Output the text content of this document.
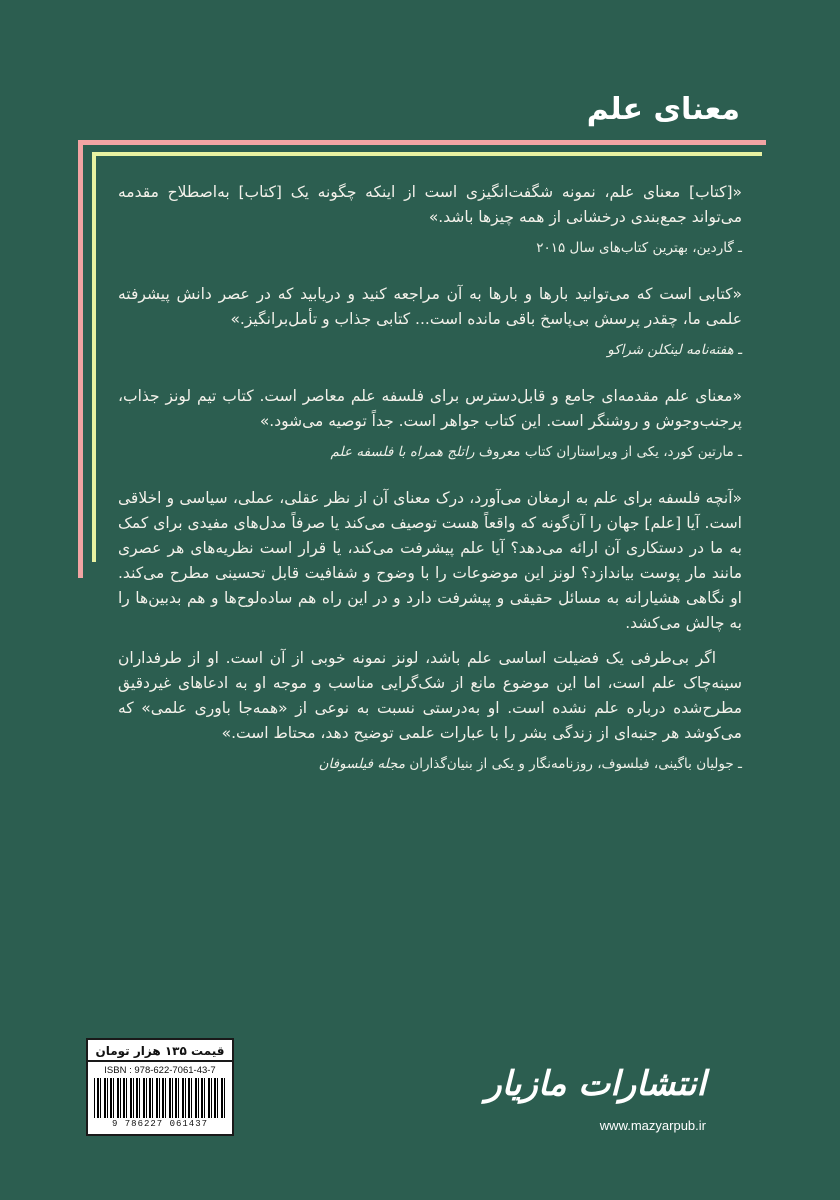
معنای علم

«[کتاب] معنای علم، نمونه شگفت‌انگیزی است از اینکه چگونه یک [کتاب] به‌اصطلاح مقدمه می‌تواند جمع‌بندی درخشانی از همه چیزها باشد.»

ـ گاردین، بهترین کتاب‌های سال ۲۰۱۵

«کتابی است که می‌توانید بارها و بارها به آن مراجعه کنید و دریابید که در عصر دانش پیشرفته علمی ما، چقدر پرسش بی‌پاسخ باقی مانده است... کتابی جذاب و تأمل‌برانگیز.»

ـ هفته‌نامه لینکلن شراکو

«معنای علم مقدمه‌ای جامع و قابل‌دسترس برای فلسفه علم معاصر است. کتاب تیم لونز جذاب، پرجنب‌وجوش و روشنگر است. این کتاب جواهر است. جداً توصیه می‌شود.»

ـ مارتین کورد، یکی از ویراستاران کتاب معروف راتلج همراه با فلسفه علم

«آنچه فلسفه برای علم به ارمغان می‌آورد، درک معنای آن از نظر عقلی، عملی، سیاسی و اخلاقی است. آیا [علم] جهان را آن‌گونه که واقعاً هست توصیف می‌کند یا صرفاً مدل‌های مفیدی برای کمک به ما در دستکاری آن ارائه می‌دهد؟ آیا علم پیشرفت می‌کند، یا قرار است نظریه‌های هر عصری مانند مار پوست بیاندازد؟ لونز این موضوعات را با وضوح و شفافیت قابل تحسینی مطرح می‌کند. او نگاهی هشیارانه به مسائل حقیقی و پیشرفت دارد و در این راه هم ساده‌لوح‌ها و هم بدبین‌ها را به چالش می‌کشد.

اگر بی‌طرفی یک فضیلت اساسی علم باشد، لونز نمونه خوبی از آن است. او از طرفداران سینه‌چاک علم است، اما این موضوع مانع از شک‌گرایی مناسب و موجه او به ادعاهای غیردقیق مطرح‌شده درباره علم نشده است. او به‌درستی نسبت به نوعی از «همه‌جا باوری علمی» که می‌کوشد هر جنبه‌ای از زندگی بشر را با عبارات علمی توضیح دهد، محتاط است.»

ـ جولیان باگینی، فیلسوف، روزنامه‌نگار و یکی از بنیان‌گذاران مجله فیلسوفان

قیمت ۱۳۵ هزار تومان
ISBN : 978-622-7061-43-7
9 786227 061437
انتشارات مازیار
www.mazyarpub.ir
